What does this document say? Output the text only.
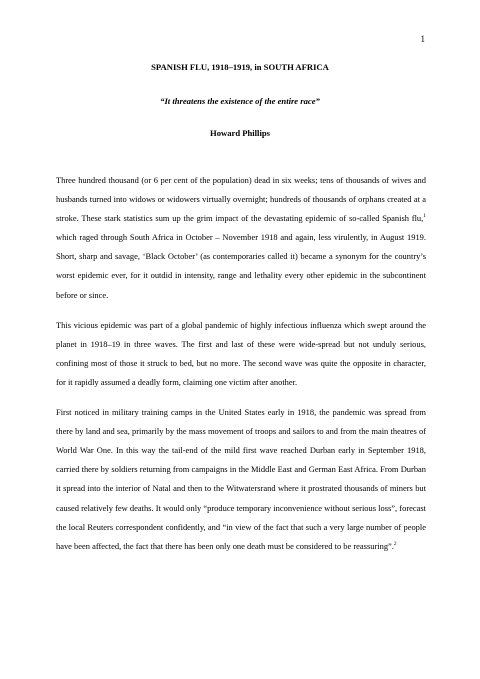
1
SPANISH FLU, 1918–1919, in SOUTH AFRICA
“It threatens the existence of the entire race”
Howard Phillips

Three hundred thousand (or 6 per cent of the population) dead in six weeks; tens of thousands of wives and husbands turned into widows or widowers virtually overnight; hundreds of thousands of orphans created at a stroke. These stark statistics sum up the grim impact of the devastating epidemic of so-called Spanish flu,$^1$ which raged through South Africa in October – November 1918 and again, less virulently, in August 1919. Short, sharp and savage, ‘Black October’ (as contemporaries called it) became a synonym for the country’s worst epidemic ever, for it outdid in intensity, range and lethality every other epidemic in the subcontinent before or since.

This vicious epidemic was part of a global pandemic of highly infectious influenza which swept around the planet in 1918–19 in three waves. The first and last of these were wide-spread but not unduly serious, confining most of those it struck to bed, but no more. The second wave was quite the opposite in character, for it rapidly assumed a deadly form, claiming one victim after another.

First noticed in military training camps in the United States early in 1918, the pandemic was spread from there by land and sea, primarily by the mass movement of troops and sailors to and from the main theatres of World War One. In this way the tail-end of the mild first wave reached Durban early in September 1918, carried there by soldiers returning from campaigns in the Middle East and German East Africa. From Durban it spread into the interior of Natal and then to the Witwatersrand where it prostrated thousands of miners but caused relatively few deaths. It would only “produce temporary inconvenience without serious loss”, forecast the local Reuters correspondent confidently, and “in view of the fact that such a very large number of people have been affected, the fact that there has been only one death must be considered to be reassuring”.$^2$
